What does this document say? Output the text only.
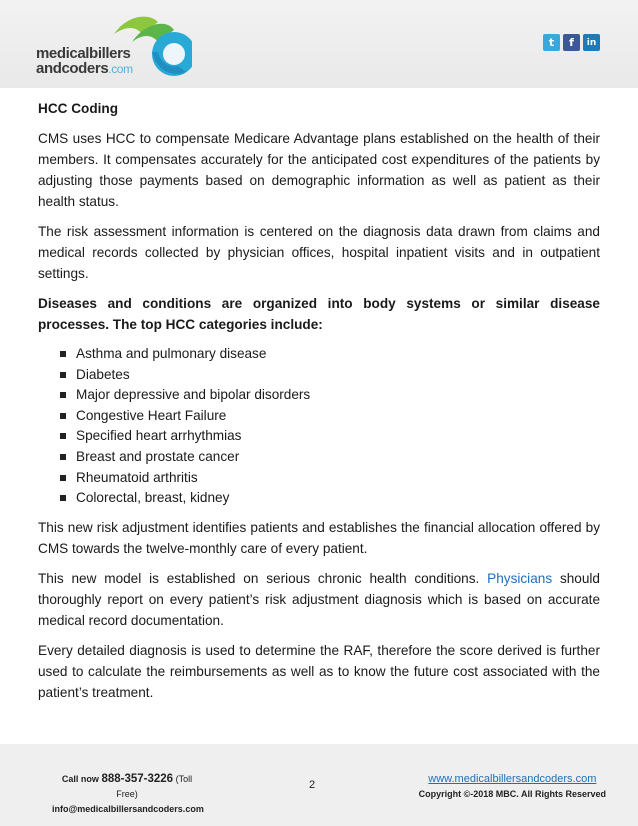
medicalbillers
andcoders.com
t	f	in

HCC Coding

CMS uses HCC to compensate Medicare Advantage plans established on the health of their members. It compensates accurately for the anticipated cost expenditures of the patients by adjusting those payments based on demographic information as well as patient as their health status.

The risk assessment information is centered on the diagnosis data drawn from claims and medical records collected by physician offices, hospital inpatient visits and in outpatient settings.

Diseases and conditions are organized into body systems or similar disease processes. The top HCC categories include:

Asthma and pulmonary disease
Diabetes
Major depressive and bipolar disorders
Congestive Heart Failure
Specified heart arrhythmias
Breast and prostate cancer
Rheumatoid arthritis
Colorectal, breast, kidney

This new risk adjustment identifies patients and establishes the financial allocation offered by CMS towards the twelve-monthly care of every patient.

This new model is established on serious chronic health conditions. Physicians should thoroughly report on every patient’s risk adjustment diagnosis which is based on accurate medical record documentation.

Every detailed diagnosis is used to determine the RAF, therefore the score derived is further used to calculate the reimbursements as well as to know the future cost associated with the patient’s treatment.

Call now 888-357-3226 (Toll Free)
info@medicalbillersandcoders.com
2	www.medicalbillersandcoders.com
Copyright ©-2018 MBC. All Rights Reserved
